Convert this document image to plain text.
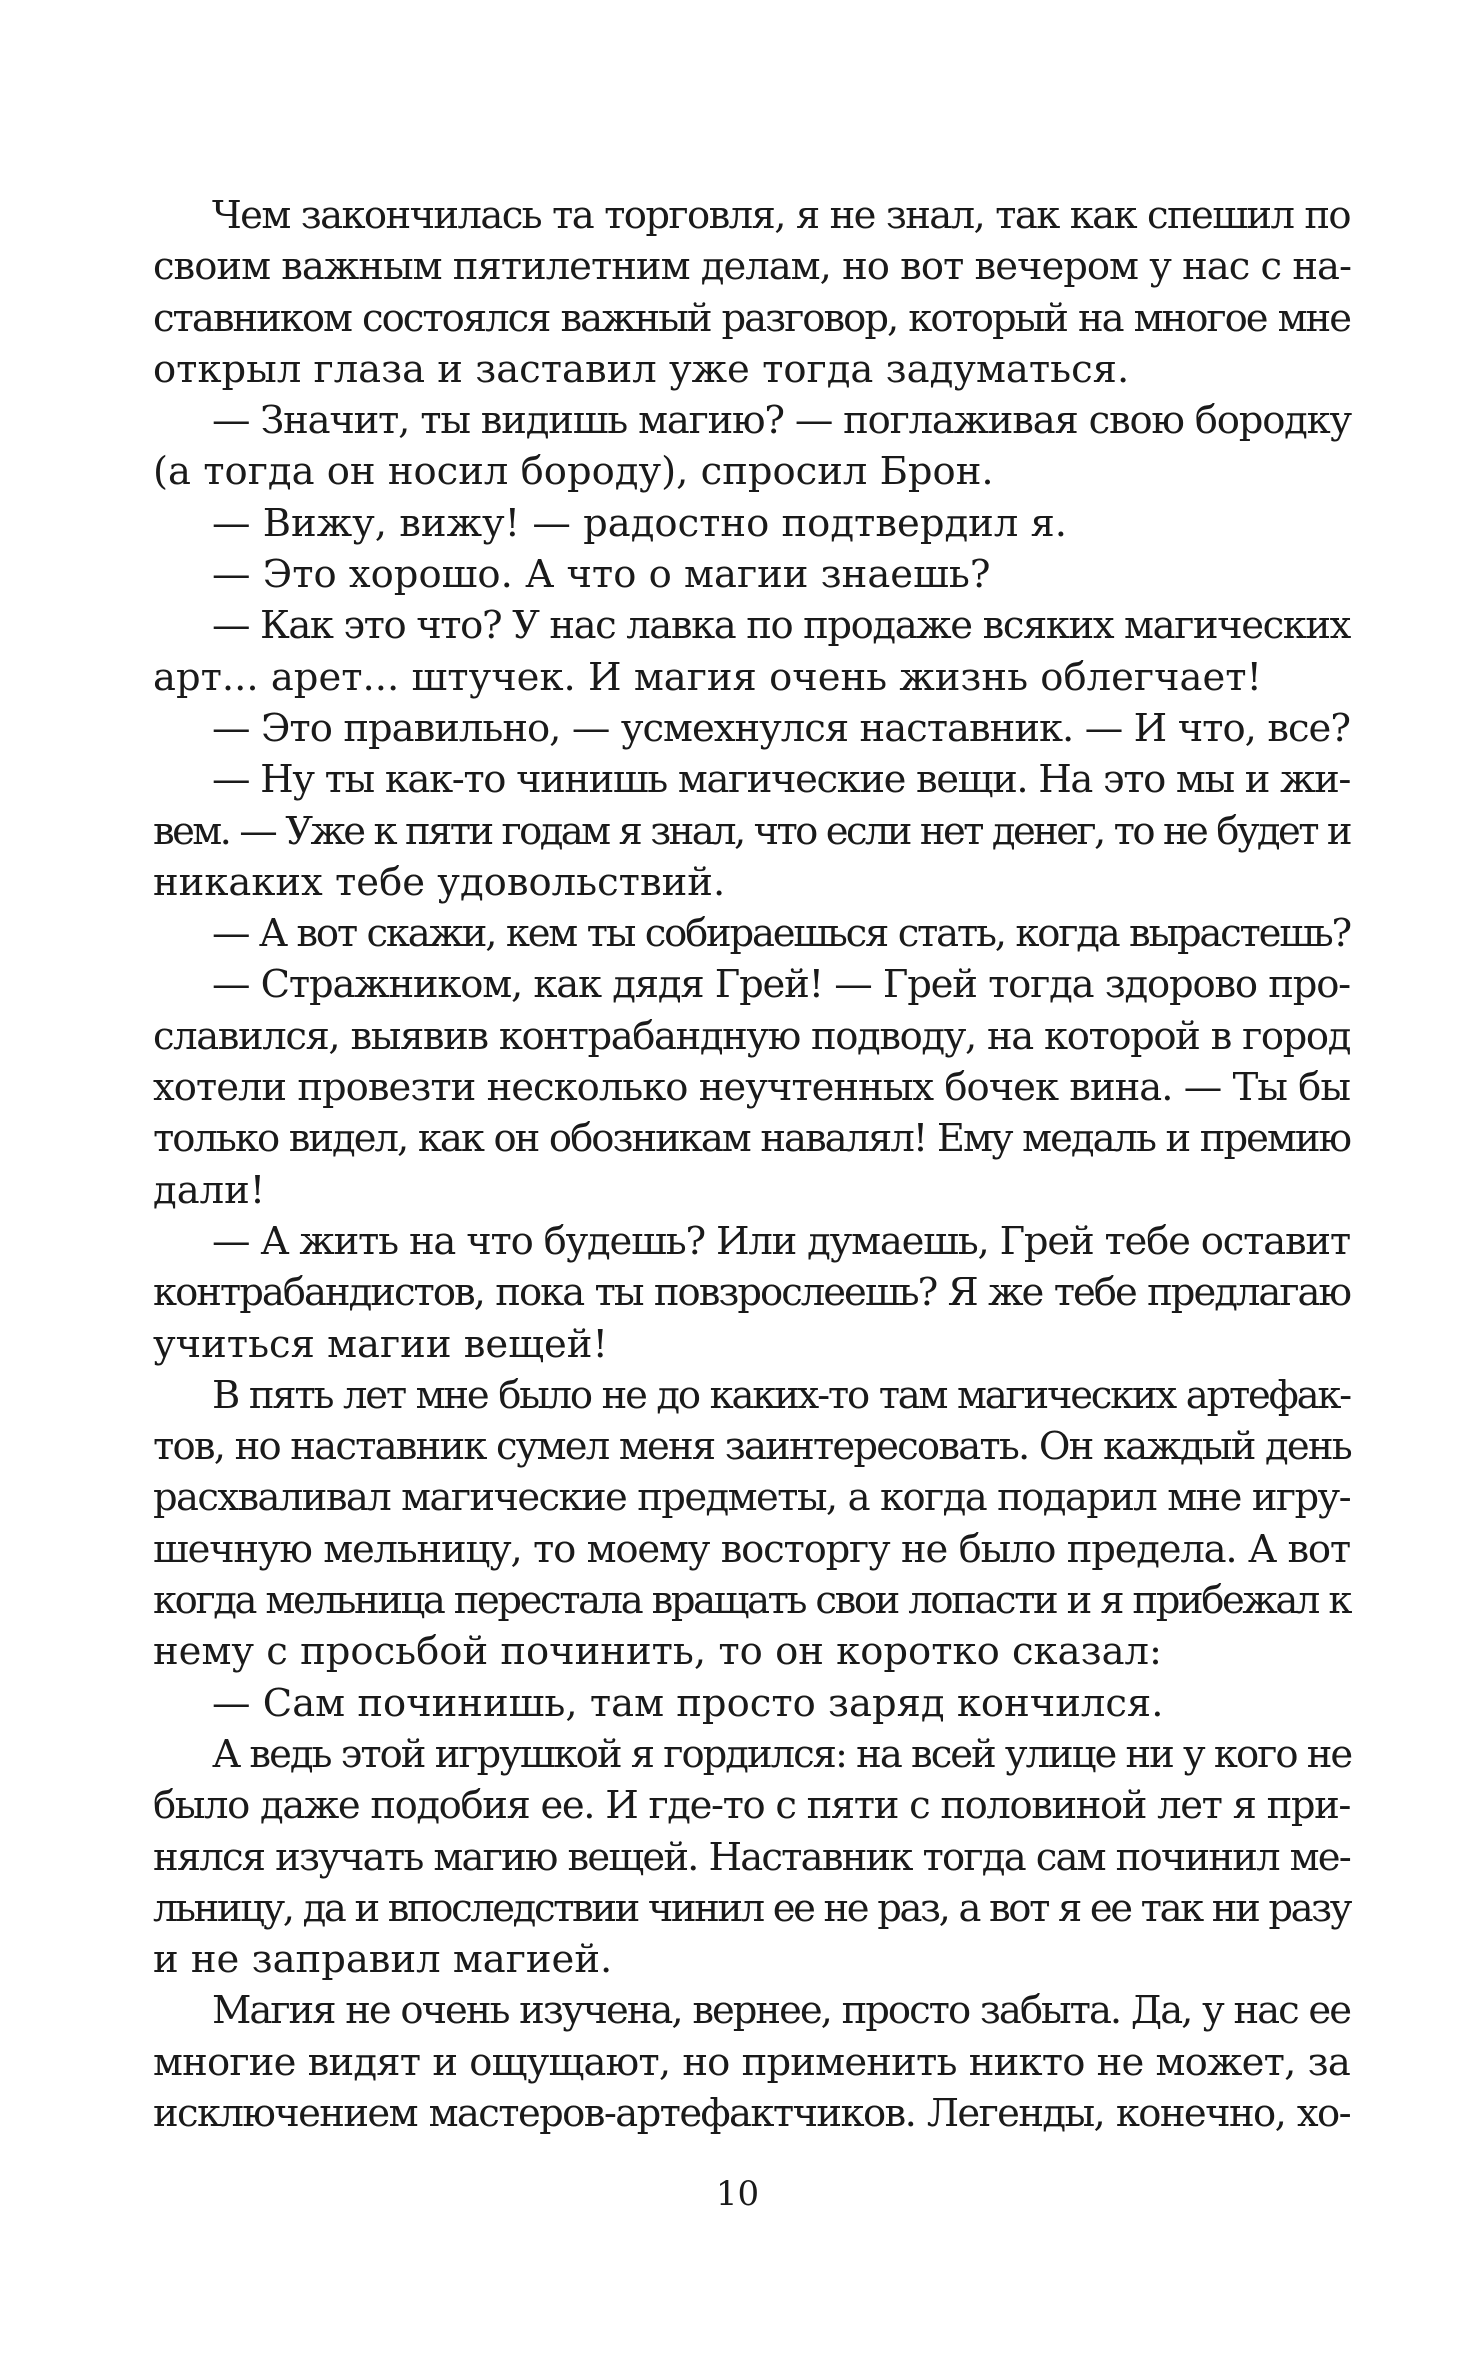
Чем закончилась та торговля, я не знал, так как спешил по
своим важным пятилетним делам, но вот вечером у нас с на-
ставником состоялся важный разговор, который на многое мне
открыл глаза и заставил уже тогда задуматься.
— Значит, ты видишь магию? — поглаживая свою бородку
(а тогда он носил бороду), спросил Брон.
— Вижу, вижу! — радостно подтвердил я.
— Это хорошо. А что о магии знаешь?
— Как это что? У нас лавка по продаже всяких магических
арт... арет... штучек. И магия очень жизнь облегчает!
— Это правильно, — усмехнулся наставник. — И что, все?
— Ну ты как-то чинишь магические вещи. На это мы и жи-
вем. — Уже к пяти годам я знал, что если нет денег, то не будет и
никаких тебе удовольствий.
— А вот скажи, кем ты собираешься стать, когда вырастешь?
— Стражником, как дядя Грей! — Грей тогда здорово про-
славился, выявив контрабандную подводу, на которой в город
хотели провезти несколько неучтенных бочек вина. — Ты бы
только видел, как он обозникам навалял! Ему медаль и премию
дали!
— А жить на что будешь? Или думаешь, Грей тебе оставит
контрабандистов, пока ты повзрослеешь? Я же тебе предлагаю
учиться магии вещей!
В пять лет мне было не до каких-то там магических артефак-
тов, но наставник сумел меня заинтересовать. Он каждый день
расхваливал магические предметы, а когда подарил мне игру-
шечную мельницу, то моему восторгу не было предела. А вот
когда мельница перестала вращать свои лопасти и я прибежал к
нему с просьбой починить, то он коротко сказал:
— Сам починишь, там просто заряд кончился.
А ведь этой игрушкой я гордился: на всей улице ни у кого не
было даже подобия ее. И где-то с пяти с половиной лет я при-
нялся изучать магию вещей. Наставник тогда сам починил ме-
льницу, да и впоследствии чинил ее не раз, а вот я ее так ни разу
и не заправил магией.
Магия не очень изучена, вернее, просто забыта. Да, у нас ее
многие видят и ощущают, но применить никто не может, за
исключением мастеров-артефактчиков. Легенды, конечно, хо-
10
